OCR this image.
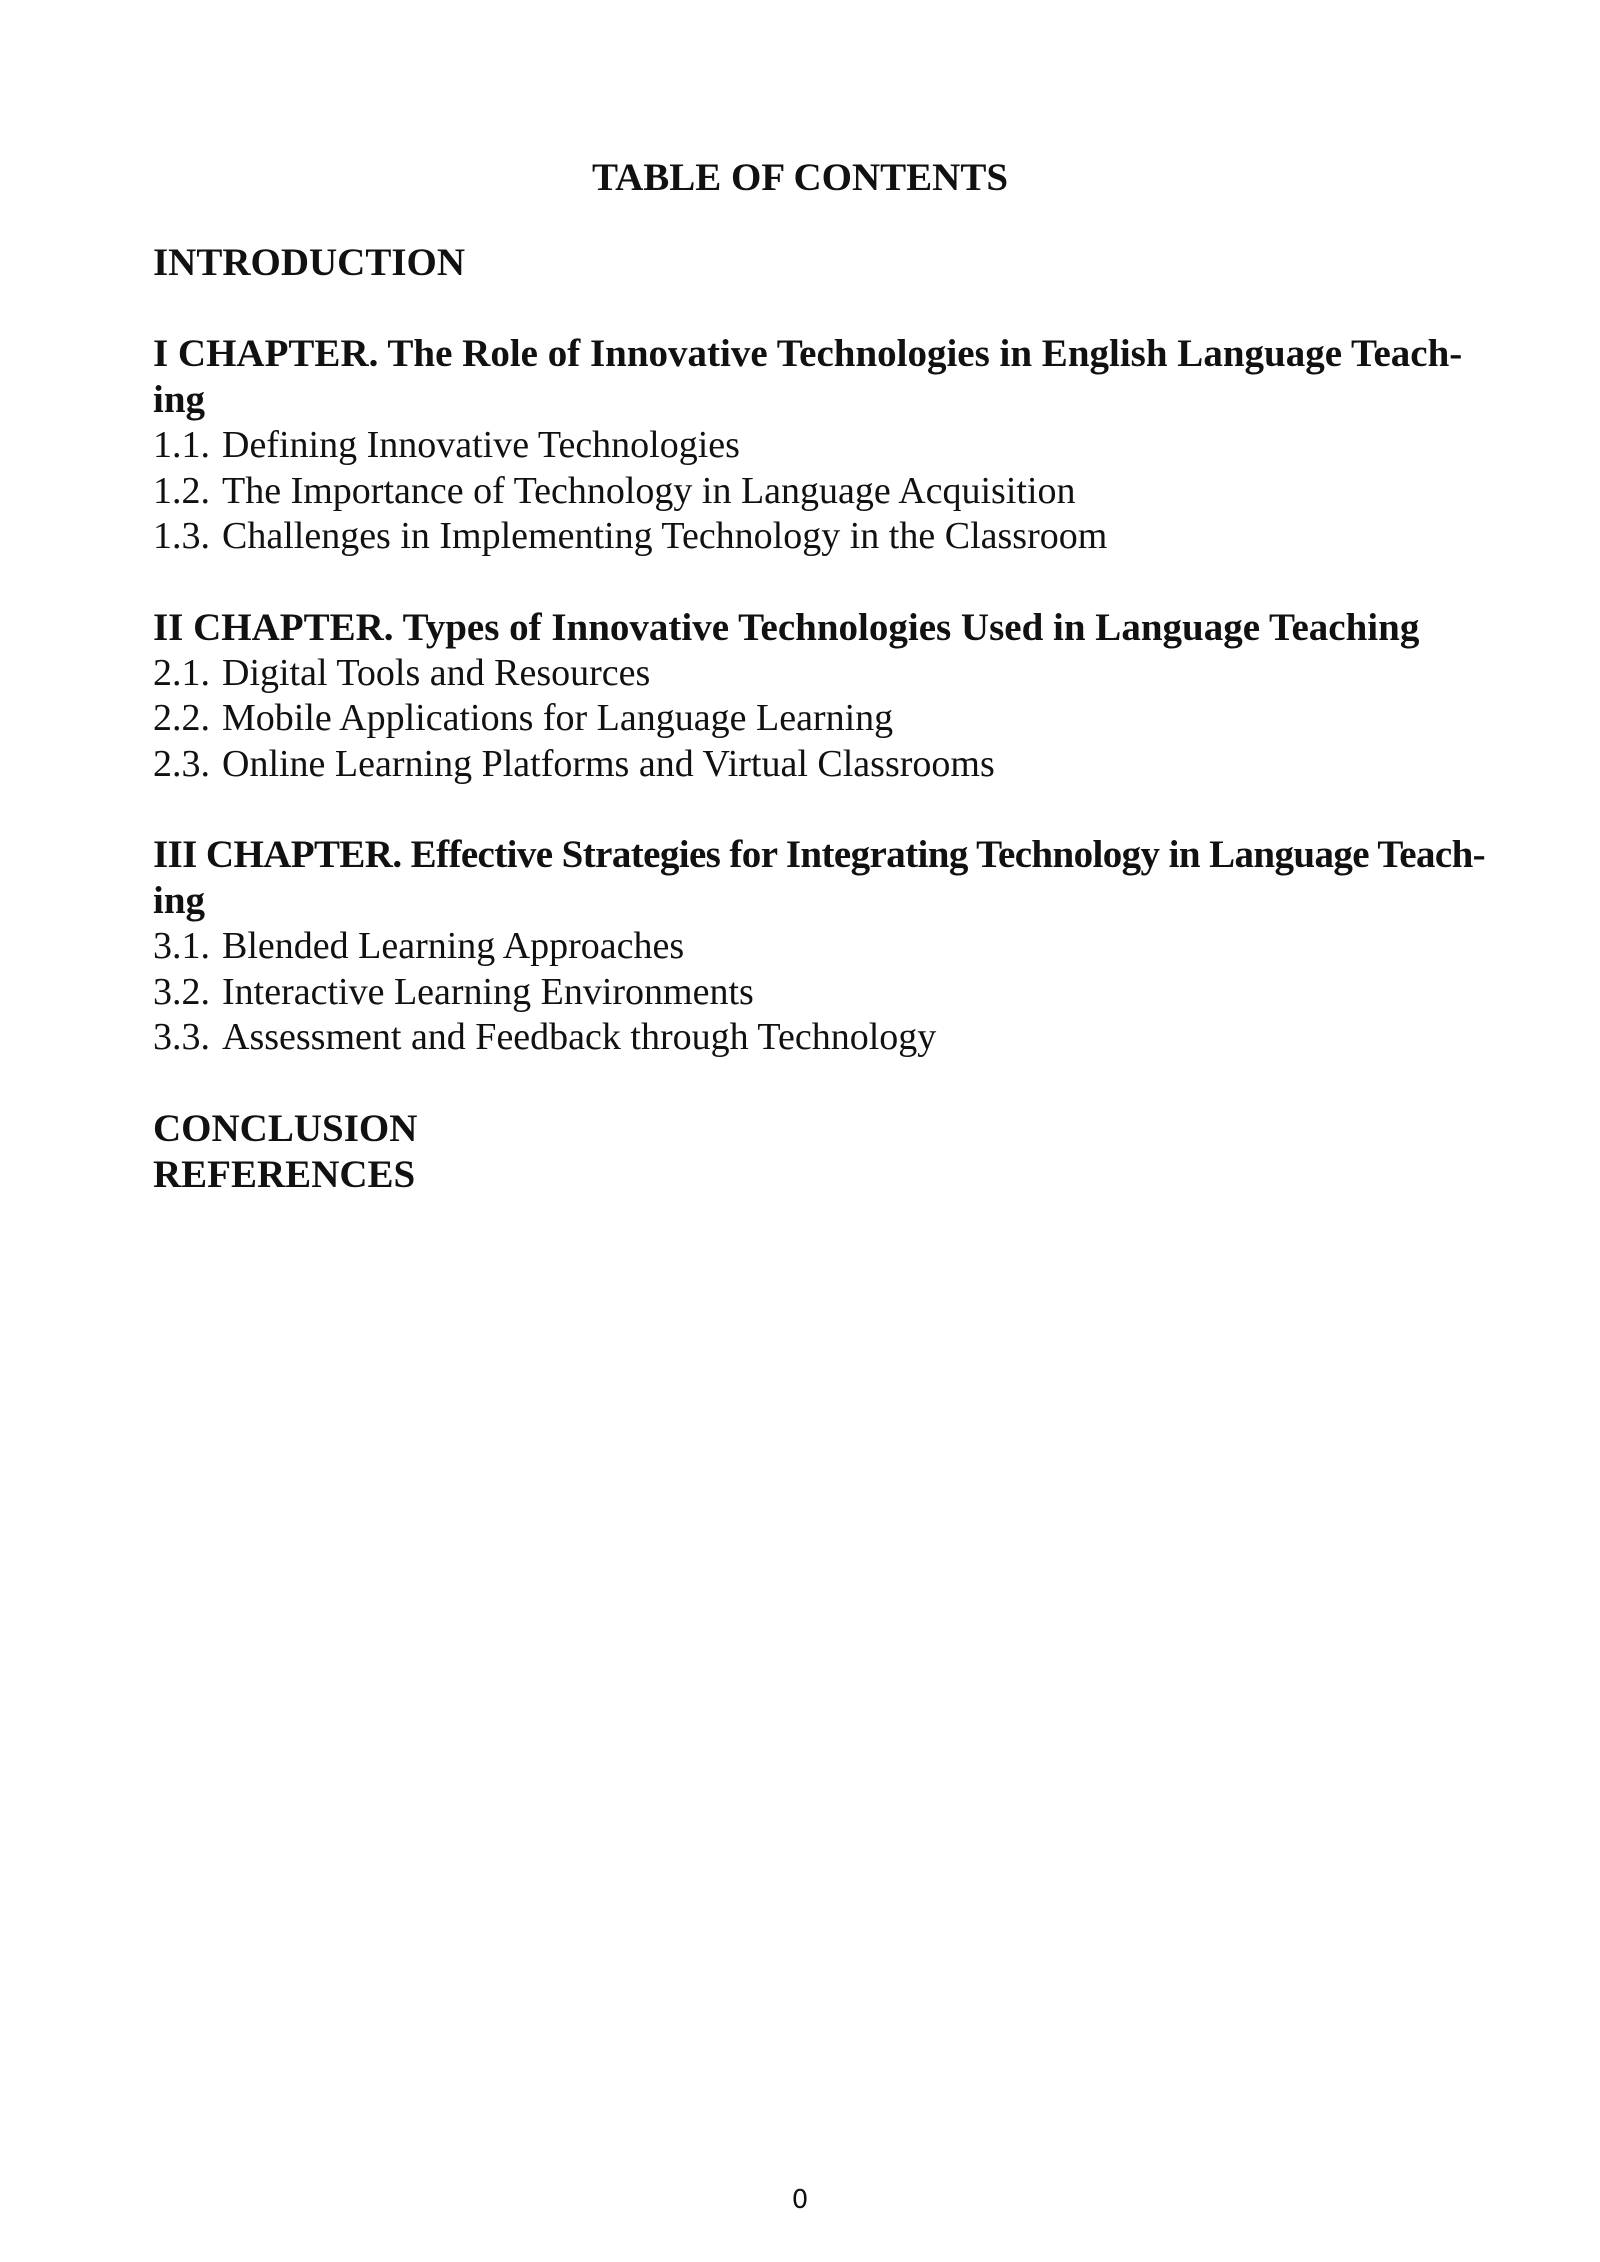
TABLE OF CONTENTS

INTRODUCTION

I CHAPTER. The Role of Innovative Technologies in English Language Teach-

ing

1.1. Defining Innovative Technologies

1.2. The Importance of Technology in Language Acquisition

1.3. Challenges in Implementing Technology in the Classroom

II CHAPTER. Types of Innovative Technologies Used in Language Teaching

2.1. Digital Tools and Resources

2.2. Mobile Applications for Language Learning

2.3. Online Learning Platforms and Virtual Classrooms

III CHAPTER. Effective Strategies for Integrating Technology in Language Teach-

ing

3.1. Blended Learning Approaches

3.2. Interactive Learning Environments

3.3. Assessment and Feedback through Technology

CONCLUSION

REFERENCES

0
